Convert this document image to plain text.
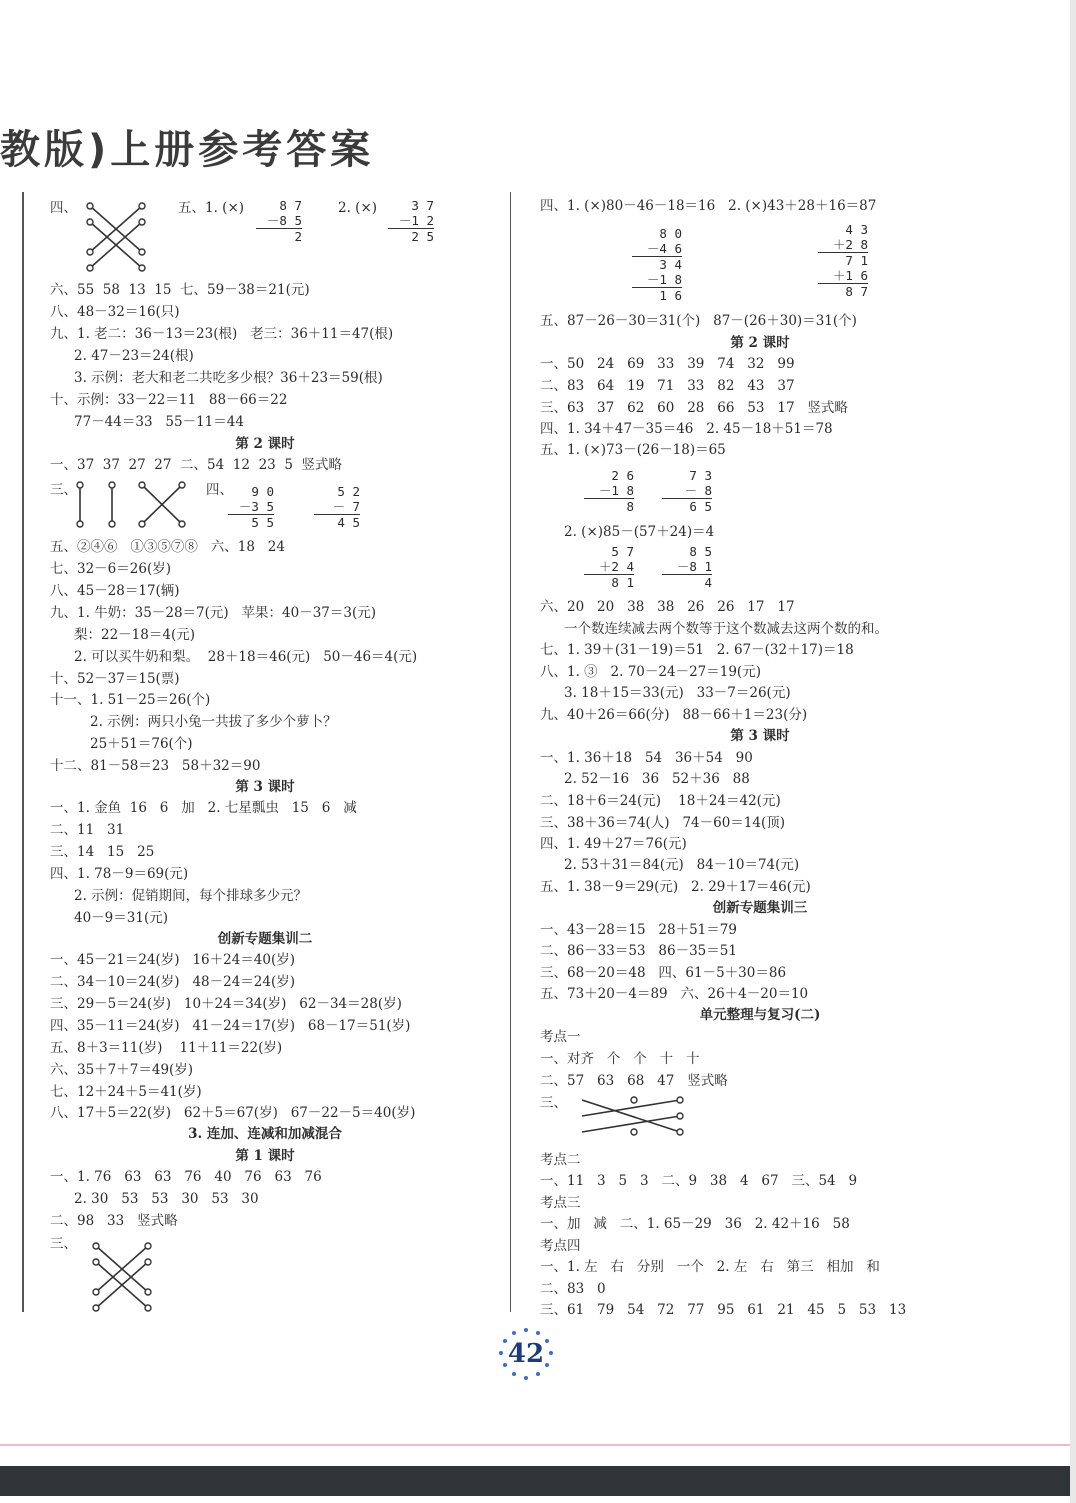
教版)上册参考答案
六、55  58  13  15  七、59－38＝21(元)
八、48－32＝16(只)
九、1. 老二：36－13＝23(根)   老三：36＋11＝47(根)
2. 47－23＝24(根)
3. 示例：老大和老二共吃多少根？36＋23＝59(根)
十、示例：33－22＝11   88－66＝22
77－44＝33   55－11＝44
一、37  37  27  27  二、54  12  23  5  竖式略
五、②④⑥   ①③⑤⑦⑧   六、18   24
七、32－6＝26(岁)
八、45－28＝17(辆)
九、1. 牛奶：35－28＝7(元)   苹果：40－37＝3(元)
梨：22－18＝4(元)
2. 可以买牛奶和梨。  28＋18＝46(元)   50－46＝4(元)
十、52－37＝15(票)
十一、1. 51－25＝26(个)
2. 示例：两只小兔一共拔了多少个萝卜？
25＋51＝76(个)
十二、81－58＝23   58＋32＝90
一、1. 金鱼  16   6   加   2. 七星瓢虫   15   6   减
二、11   31
三、14   15   25
四、1. 78－9＝69(元)
2. 示例：促销期间，每个排球多少元？
40－9＝31(元)
一、45－21＝24(岁)   16＋24＝40(岁)
二、34－10＝24(岁)   48－24＝24(岁)
三、29－5＝24(岁)   10＋24＝34(岁)   62－34＝28(岁)
四、35－11＝24(岁)   41－24＝17(岁)   68－17＝51(岁)
五、8＋3＝11(岁)    11＋11＝22(岁)
六、35＋7＋7＝49(岁)
七、12＋24＋5＝41(岁)
八、17＋5＝22(岁)   62＋5＝67(岁)   67－22－5＝40(岁)
一、1. 76   63   63   76   40   76   63   76
2. 30   53   53   30   53   30
二、98   33   竖式略
第 2 课时
第 3 课时
创新专题集训二
3. 连加、连减和加减混合
第 1 课时
四、	五、1. (×)	2. (×)
三、	四、
三、
8 7
－8 5
2
3 7
－1 2
2 5
9 0
－3 5
5 5
5 2
－ 7
4 5
四、1. (×)80－46－18＝16   2. (×)43＋28＋16＝87
五、87－26－30＝31(个)   87－(26＋30)＝31(个)
一、50   24   69   33   39   74   32   99
二、83   64   19   71   33   82   43   37
三、63   37   62   60   28   66   53   17   竖式略
四、1. 34＋47－35＝46   2. 45－18＋51＝78
五、1. (×)73－(26－18)＝65
2. (×)85－(57＋24)＝4
六、20   20   38   38   26   26   17   17
一个数连续减去两个数等于这个数减去这两个数的和。
七、1. 39＋(31－19)＝51   2. 67－(32＋17)＝18
八、1. ③   2. 70－24－27＝19(元)
3. 18＋15＝33(元)   33－7＝26(元)
九、40＋26＝66(分)   88－66＋1＝23(分)
一、1. 36＋18   54   36＋54   90
2. 52－16   36   52＋36   88
二、18＋6＝24(元)    18＋24＝42(元)
三、38＋36＝74(人)   74－60＝14(顶)
四、1. 49＋27＝76(元)
2. 53＋31＝84(元)   84－10＝74(元)
五、1. 38－9＝29(元)   2. 29＋17＝46(元)
一、43－28＝15   28＋51＝79
二、86－33＝53   86－35＝51
三、68－20＝48   四、61－5＋30＝86
五、73＋20－4＝89   六、26＋4－20＝10
考点一
一、对齐   个   个   十   十
二、57   63   68   47   竖式略
考点二
一、11   3   5   3   二、9   38   4   67   三、54   9
考点三
一、加   减   二、1. 65－29   36   2. 42＋16   58
考点四
一、1. 左   右   分别   一个   2. 左   右   第三   相加   和
二、83   0
三、61   79   54   72   77   95   61   21   45   5   53   13
第 2 课时
第 3 课时
创新专题集训三
单元整理与复习(二)
三、
8 0
－4 6
3 4
－1 8
1 6
4 3
＋2 8
7 1
＋1 6
8 7
2 6
－1 8
8
7 3
－ 8
6 5
5 7
＋2 4
8 1
8 5
－8 1
4
42
